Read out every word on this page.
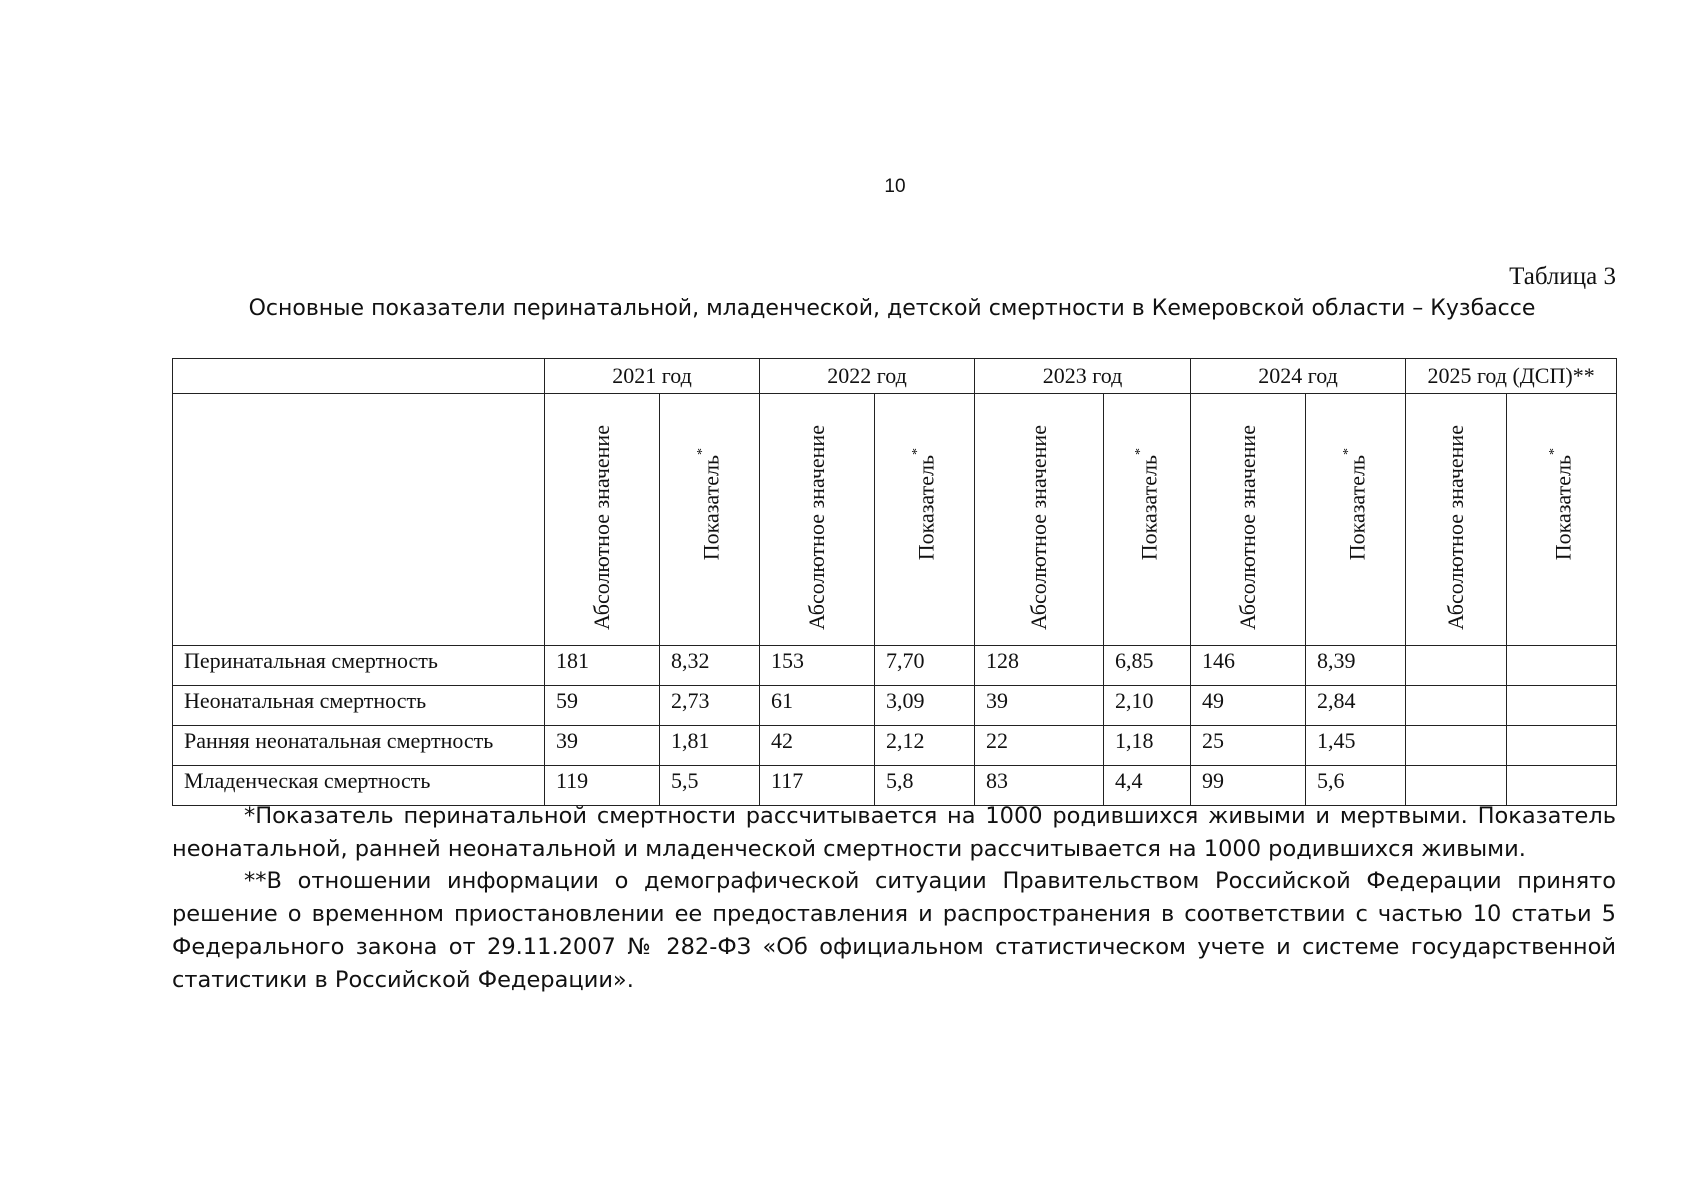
10
Таблица 3
Основные показатели перинатальной, младенческой, детской смертности в Кемеровской области – Кузбассе
	2021 год		2022 год		2023 год		2024 год		2025 год (ДСП)**	
	Абсолютное значение	Показатель*	Абсолютное значение	Показатель*	Абсолютное значение	Показатель*	Абсолютное значение	Показатель*	Абсолютное значение	Показатель*
Перинатальная смертность	181	8,32	153	7,70	128	6,85	146	8,39		
Неонатальная смертность	59	2,73	61	3,09	39	2,10	49	2,84		
Ранняя неонатальная смертность	39	1,81	42	2,12	22	1,18	25	1,45		
Младенческая смертность	119	5,5	117	5,8	83	4,4	99	5,6		

*Показатель перинатальной смертности рассчитывается на 1000 родившихся живыми и мертвыми. Показатель неонатальной, ранней неонатальной и младенческой смертности рассчитывается на 1000 родившихся живыми.

**В отношении информации о демографической ситуации Правительством Российской Федерации принято решение о временном приостановлении ее предоставления и распространения в соответствии с частью 10 статьи 5 Федерального закона от 29.11.2007 № 282-ФЗ «Об официальном статистическом учете и системе государственной статистики в Российской Федерации».
